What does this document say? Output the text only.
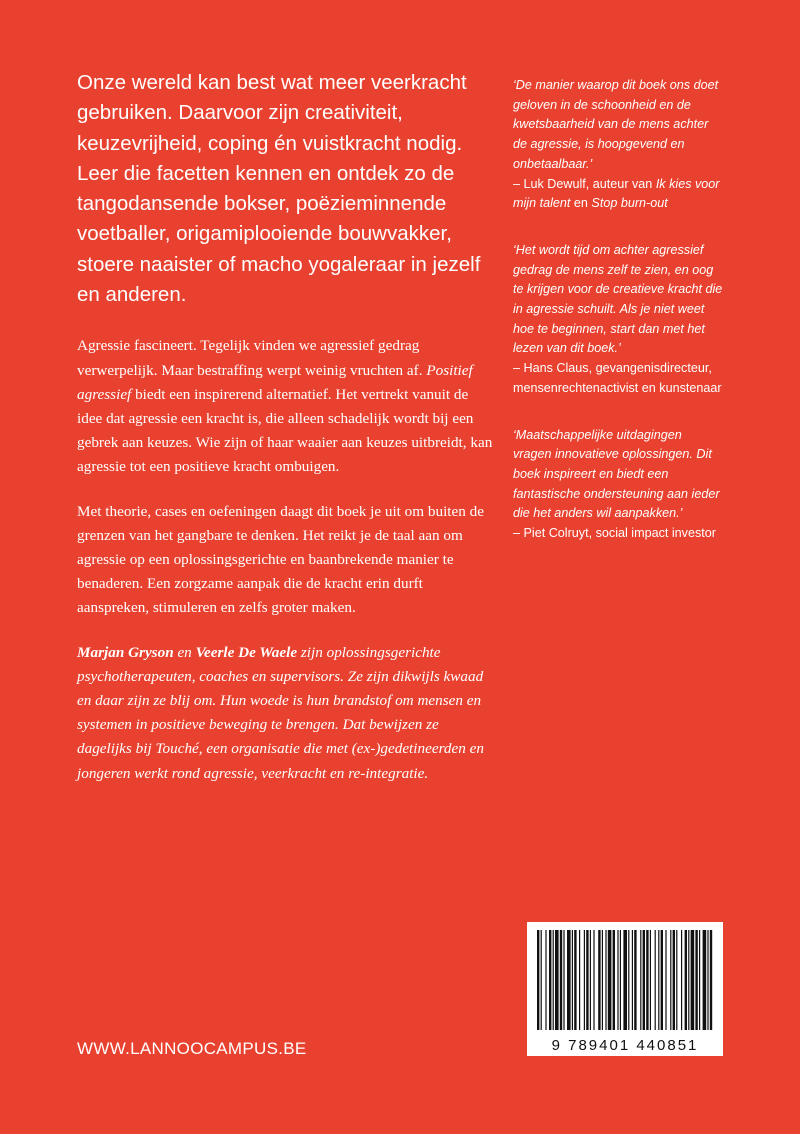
Onze wereld kan best wat meer veerkracht gebruiken. Daarvoor zijn creativiteit, keuzevrijheid, coping én vuistkracht nodig. Leer die facetten kennen en ontdek zo de tangodansende bokser, poëzieminnende voetballer, origamiplooiende bouwvakker, stoere naaister of macho yogaleraar in jezelf en anderen.

Agressie fascineert. Tegelijk vinden we agressief gedrag verwerpelijk. Maar bestraffing werpt weinig vruchten af. Positief agressief biedt een inspirerend alternatief. Het vertrekt vanuit de idee dat agressie een kracht is, die alleen schadelijk wordt bij een gebrek aan keuzes. Wie zijn of haar waaier aan keuzes uitbreidt, kan agressie tot een positieve kracht ombuigen.

Met theorie, cases en oefeningen daagt dit boek je uit om buiten de grenzen van het gangbare te denken. Het reikt je de taal aan om agressie op een oplossingsgerichte en baanbrekende manier te benaderen. Een zorgzame aanpak die de kracht erin durft aanspreken, stimuleren en zelfs groter maken.

Marjan Gryson en Veerle De Waele zijn oplossingsgerichte psychotherapeuten, coaches en supervisors. Ze zijn dikwijls kwaad en daar zijn ze blij om. Hun woede is hun brandstof om mensen en systemen in positieve beweging te brengen. Dat bewijzen ze dagelijks bij Touché, een organisatie die met (ex-)gedetineerden en jongeren werkt rond agressie, veerkracht en re-integratie.

‘De manier waarop dit boek ons doet geloven in de schoonheid en de kwetsbaarheid van de mens achter de agressie, is hoopgevend en onbetaalbaar.’
– Luk Dewulf, auteur van Ik kies voor mijn talent en Stop burn-out
‘Het wordt tijd om achter agressief gedrag de mens zelf te zien, en oog te krijgen voor de creatieve kracht die in agressie schuilt. Als je niet weet hoe te beginnen, start dan met het lezen van dit boek.’
– Hans Claus, gevangenisdirecteur, mensenrechtenactivist en kunstenaar
‘Maatschappelijke uitdagingen vragen innovatieve oplossingen. Dit boek inspireert en biedt een fantastische ondersteuning aan ieder die het anders wil aanpakken.’
– Piet Colruyt, social impact investor
WWW.LANNOOCAMPUS.BE	9 789401 440851
